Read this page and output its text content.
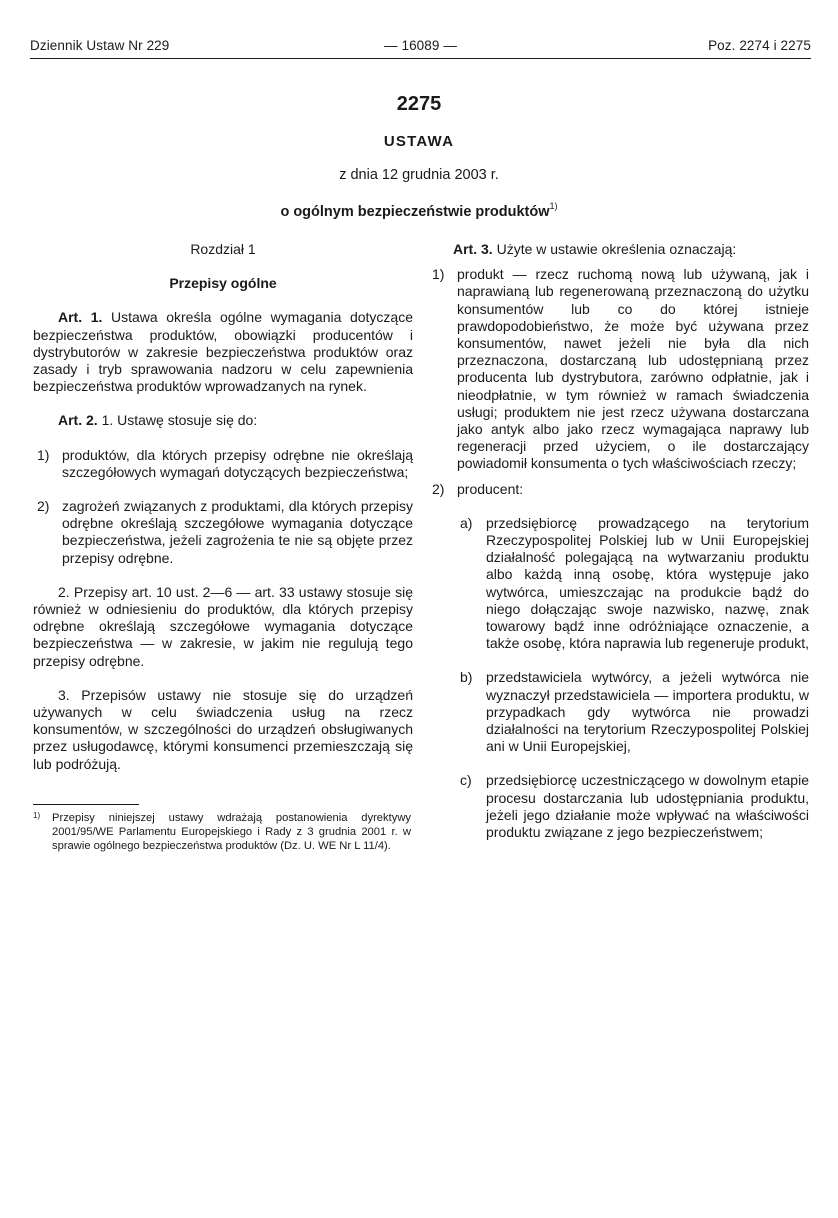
Dziennik Ustaw Nr 229	— 16089 —	Poz. 2274 i 2275
2275
USTAWA
z dnia 12 grudnia 2003 r.
o ogólnym bezpieczeństwie produktów$^{1)}$

Rozdział 1

Przepisy ogólne

Art. 1. Ustawa określa ogólne wymagania dotyczące bezpieczeństwa produktów, obowiązki producentów i dystrybutorów w zakresie bezpieczeństwa produktów oraz zasady i tryb sprawowania nadzoru w celu zapewnienia bezpieczeństwa produktów wprowadzanych na rynek.

Art. 2. 1. Ustawę stosuje się do:

1) produktów, dla których przepisy odrębne nie określają szczegółowych wymagań dotyczących bezpieczeństwa;

2) zagrożeń związanych z produktami, dla których przepisy odrębne określają szczegółowe wymagania dotyczące bezpieczeństwa, jeżeli zagrożenia te nie są objęte przez przepisy odrębne.

2. Przepisy art. 10 ust. 2—6 — art. 33 ustawy stosuje się również w odniesieniu do produktów, dla których przepisy odrębne określają szczegółowe wymagania dotyczące bezpieczeństwa — w zakresie, w jakim nie regulują tego przepisy odrębne.

3. Przepisów ustawy nie stosuje się do urządzeń używanych w celu świadczenia usług na rzecz konsumentów, w szczególności do urządzeń obsługiwanych przez usługodawcę, którymi konsumenci przemieszczają się lub podróżują.

1)	Przepisy niniejszej ustawy wdrażają postanowienia dyrektywy 2001/95/WE Parlamentu Europejskiego i Rady z 3 grudnia 2001 r. w sprawie ogólnego bezpieczeństwa produktów (Dz. U. WE Nr L 11/4).

Art. 3. Użyte w ustawie określenia oznaczają:

1) produkt — rzecz ruchomą nową lub używaną, jak i naprawianą lub regenerowaną przeznaczoną do użytku konsumentów lub co do której istnieje prawdopodobieństwo, że może być używana przez konsumentów, nawet jeżeli nie była dla nich przeznaczona, dostarczaną lub udostępnianą przez producenta lub dystrybutora, zarówno odpłatnie, jak i nieodpłatnie, w tym również w ramach świadczenia usługi; produktem nie jest rzecz używana dostarczana jako antyk albo jako rzecz wymagająca naprawy lub regeneracji przed użyciem, o ile dostarczający powiadomił konsumenta o tych właściwościach rzeczy;

2) producent:

a) przedsiębiorcę prowadzącego na terytorium Rzeczypospolitej Polskiej lub w Unii Europejskiej działalność polegającą na wytwarzaniu produktu albo każdą inną osobę, która występuje jako wytwórca, umieszczając na produkcie bądź do niego dołączając swoje nazwisko, nazwę, znak towarowy bądź inne odróżniające oznaczenie, a także osobę, która naprawia lub regeneruje produkt,

b) przedstawiciela wytwórcy, a jeżeli wytwórca nie wyznaczył przedstawiciela — importera produktu, w przypadkach gdy wytwórca nie prowadzi działalności na terytorium Rzeczypospolitej Polskiej ani w Unii Europejskiej,

c) przedsiębiorcę uczestniczącego w dowolnym etapie procesu dostarczania lub udostępniania produktu, jeżeli jego działanie może wpływać na właściwości produktu związane z jego bezpieczeństwem;
